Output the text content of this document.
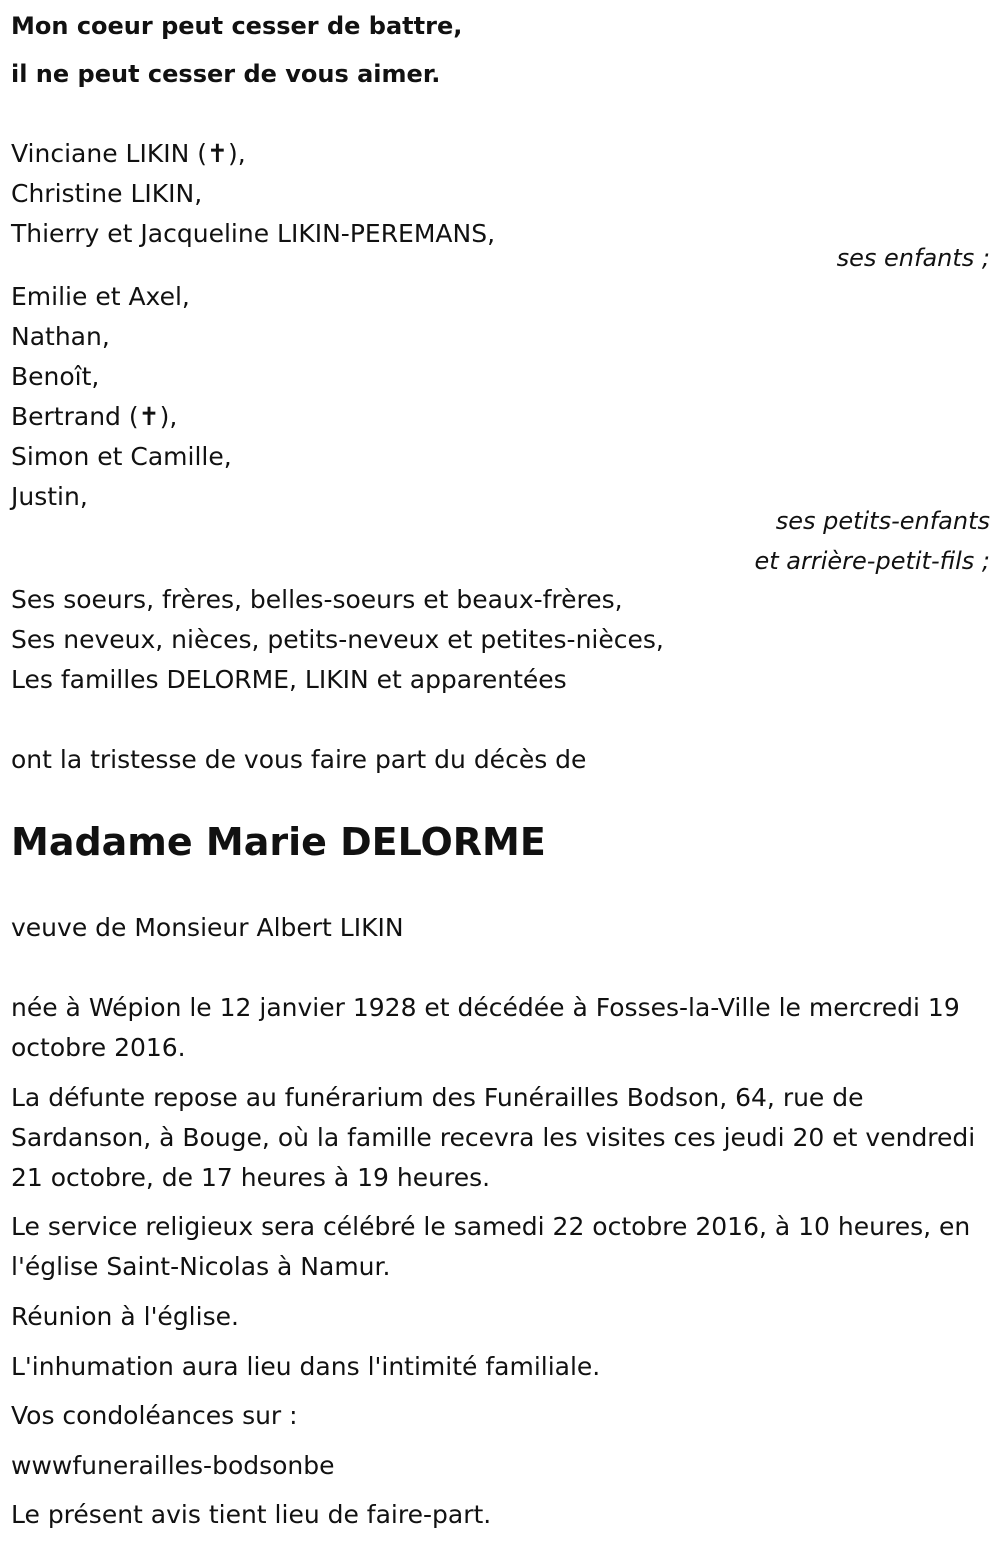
Mon coeur peut cesser de battre,
il ne peut cesser de vous aimer.
Vinciane LIKIN (✝),
Christine LIKIN,
Thierry et Jacqueline LIKIN-PEREMANS,
ses enfants ;
Emilie et Axel,
Nathan,
Benoît,
Bertrand (✝),
Simon et Camille,
Justin,
ses petits-enfants
et arrière-petit-fils ;
Ses soeurs, frères, belles-soeurs et beaux-frères,
Ses neveux, nièces, petits-neveux et petites-nièces,
Les familles DELORME, LIKIN et apparentées
ont la tristesse de vous faire part du décès de
Madame Marie DELORME
veuve de Monsieur Albert LIKIN
née à Wépion le 12 janvier 1928 et décédée à Fosses-la-Ville le mercredi 19 octobre 2016.
La défunte repose au funérarium des Funérailles Bodson, 64, rue de Sardanson, à Bouge, où la famille recevra les visites ces jeudi 20 et vendredi 21 octobre, de 17 heures à 19 heures.
Le service religieux sera célébré le samedi 22 octobre 2016, à 10 heures, en l'église Saint-Nicolas à Namur.
Réunion à l'église.
L'inhumation aura lieu dans l'intimité familiale.
Vos condoléances sur :
wwwfunerailles-bodsonbe
Le présent avis tient lieu de faire-part.
